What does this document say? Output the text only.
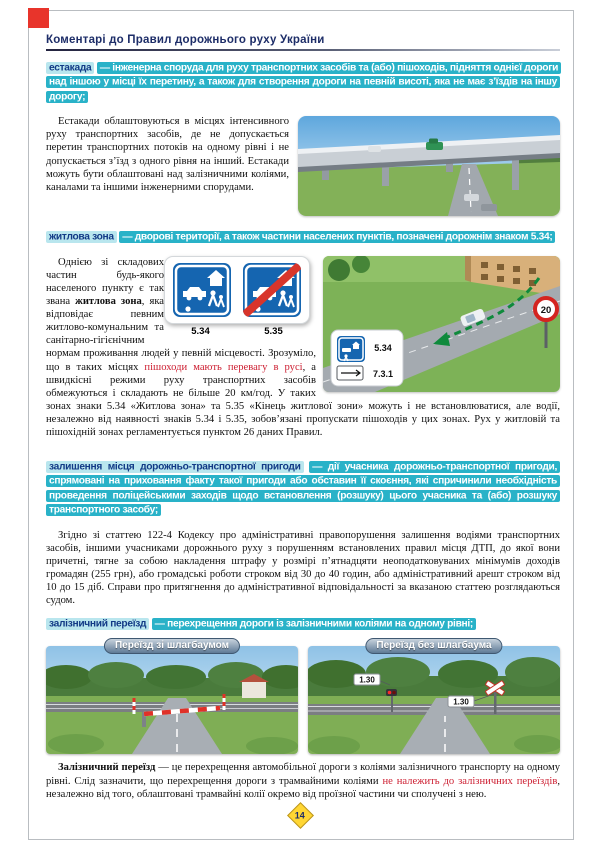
Коментарі до Правил дорожнього руху України

естакада — інженерна споруда для руху транспортних засобів та (або) пішоходів, підняття однієї дороги над іншою у місці їх перетину, а також для створення дороги на певній висоті, яка не має з’їздів на іншу дорогу;

Естакади облаштовуються в місцях інтенсивного руху транспортних засобів, де не допускається перетин транспортних потоків на одному рівні і не допускається з’їзд з одного рівня на інший. Естакади можуть бути облаштовані над залізничними коліями, каналами та іншими інженерними спорудами.

житлова зона — дворові території, а також частини населених пунктів, позначені дорожнім знаком 5.34;

20
5.34
7.3.1
5.34	5.35

Однією зі складових частин будь-якого населеного пункту є так звана житлова зона, яка відповідає певним житлово-комунальним та санітарно-гігієнічним нормам проживання людей у певній місцевості. Зрозуміло, що в таких місцях пішоходи мають перевагу в русі, а швидкісні режими руху транспортних засобів обмежуються і складають не більше 20 км/год. У таких зонах знаки 5.34 «Житлова зона» та 5.35 «Кінець житлової зони» можуть і не встановлюватися, але водії, незалежно від наявності знаків 5.34 і 5.35, зобов’язані пропускати пішоходів у цих зонах. Рух у житловій та пішохідній зонах регламентується пунктом 26 даних Правил.

залишення місця дорожньо-транспортної пригоди — дії учасника дорожньо-транспортної пригоди, спрямовані на приховання факту такої пригоди або обставин її скоєння, які спричинили необхідність проведення поліцейськими заходів щодо встановлення (розшуку) цього учасника та (або) розшуку транспортного засобу;

Згідно зі статтею 122-4 Кодексу про адміністративні правопорушення залишення водіями транспортних засобів, іншими учасниками дорожнього руху з порушенням встановлених правил місця ДТП, до якої вони причетні, тягне за собою накладення штрафу у розмірі п’ятнадцяти неоподатковуваних мінімумів доходів громадян (255 грн), або громадські роботи строком від 30 до 40 годин, або адміністративний арешт строком від 10 до 15 діб. Справи про притягнення до адміністративної відповідальності за вказаною статтею розглядаються судом.

залізничний переїзд — перехрещення дороги із залізничними коліями на одному рівні;

Переїзд зі шлагбаумом	Переїзд без шлагбаума
1.30
1.30

Залізничний переїзд — це перехрещення автомобільної дороги з коліями залізничного транспорту на одному рівні. Слід зазначити, що перехрещення дороги з трамвайними коліями не належить до залізничних переїздів, незалежно від того, облаштовані трамвайні колії окремо від проїзної частини чи сполучені з нею.

14
